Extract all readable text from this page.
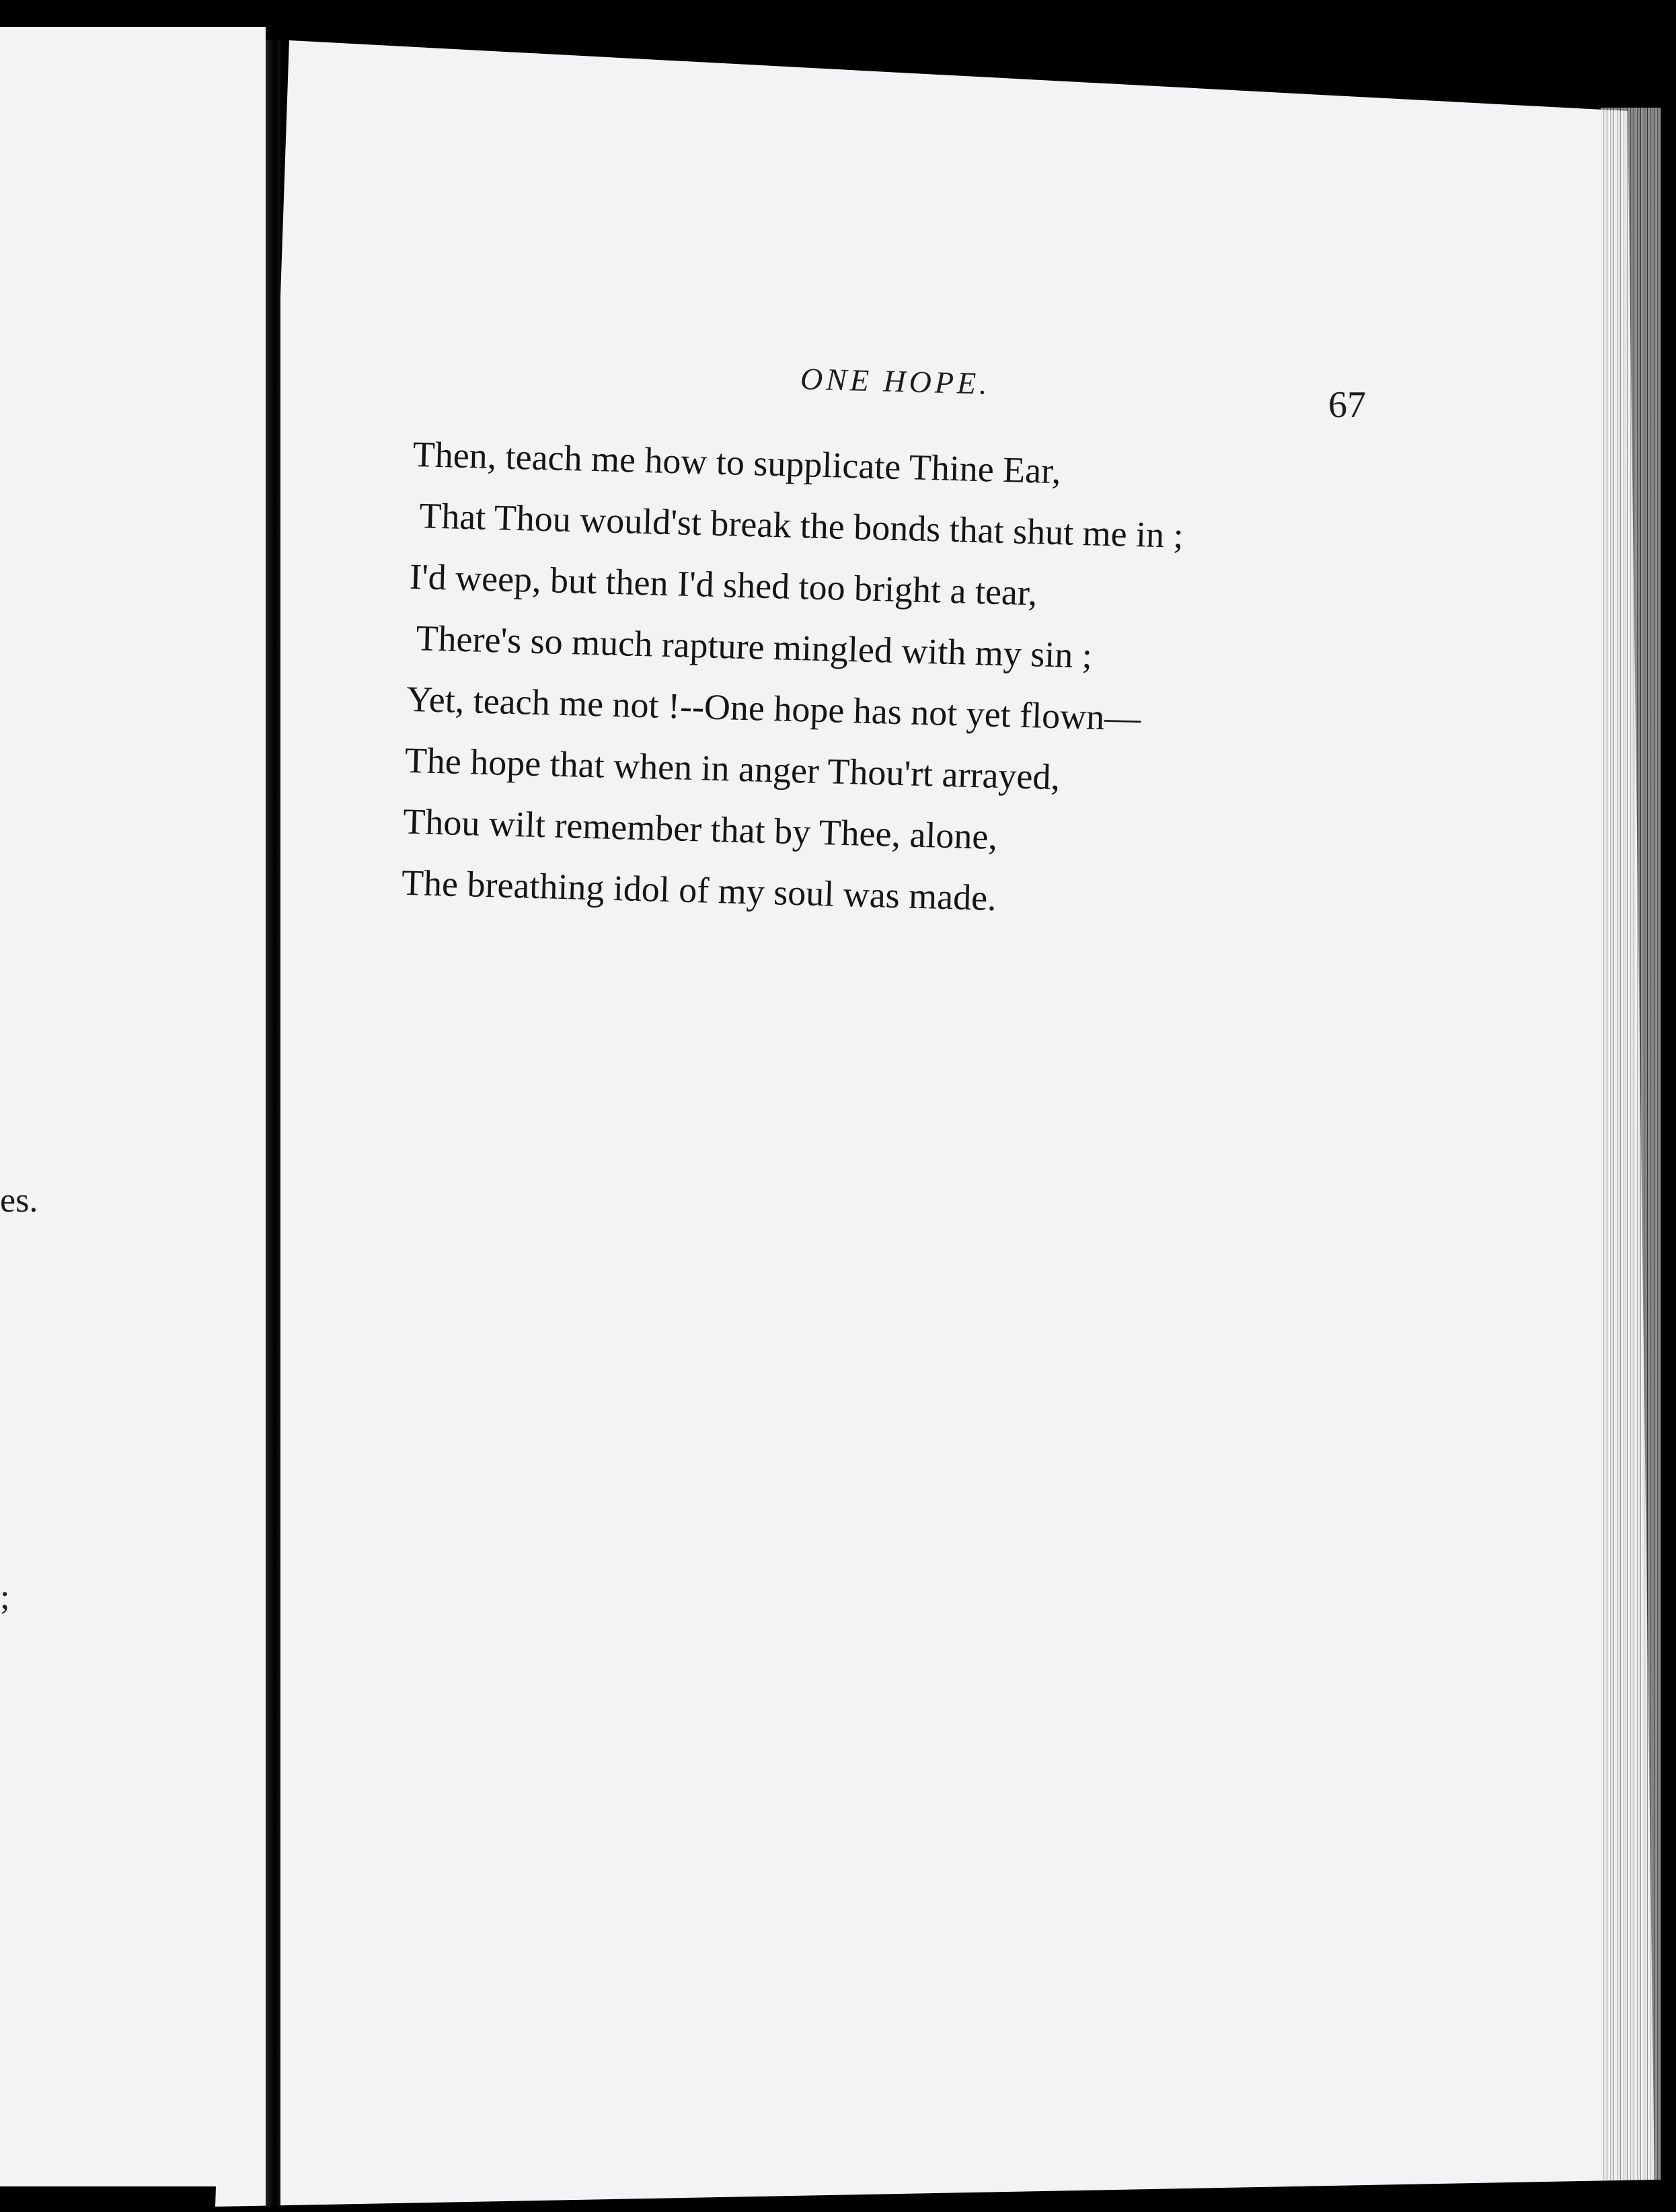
es.
;
ONE HOPE.
67
Then, teach me how to supplicate Thine Ear,
That Thou would'st break the bonds that shut me in ;
I'd weep, but then I'd shed too bright a tear,
There's so much rapture mingled with my sin ;
Yet, teach me not !--One hope has not yet flown—
The hope that when in anger Thou'rt arrayed,
Thou wilt remember that by Thee, alone,
The breathing idol of my soul was made.
